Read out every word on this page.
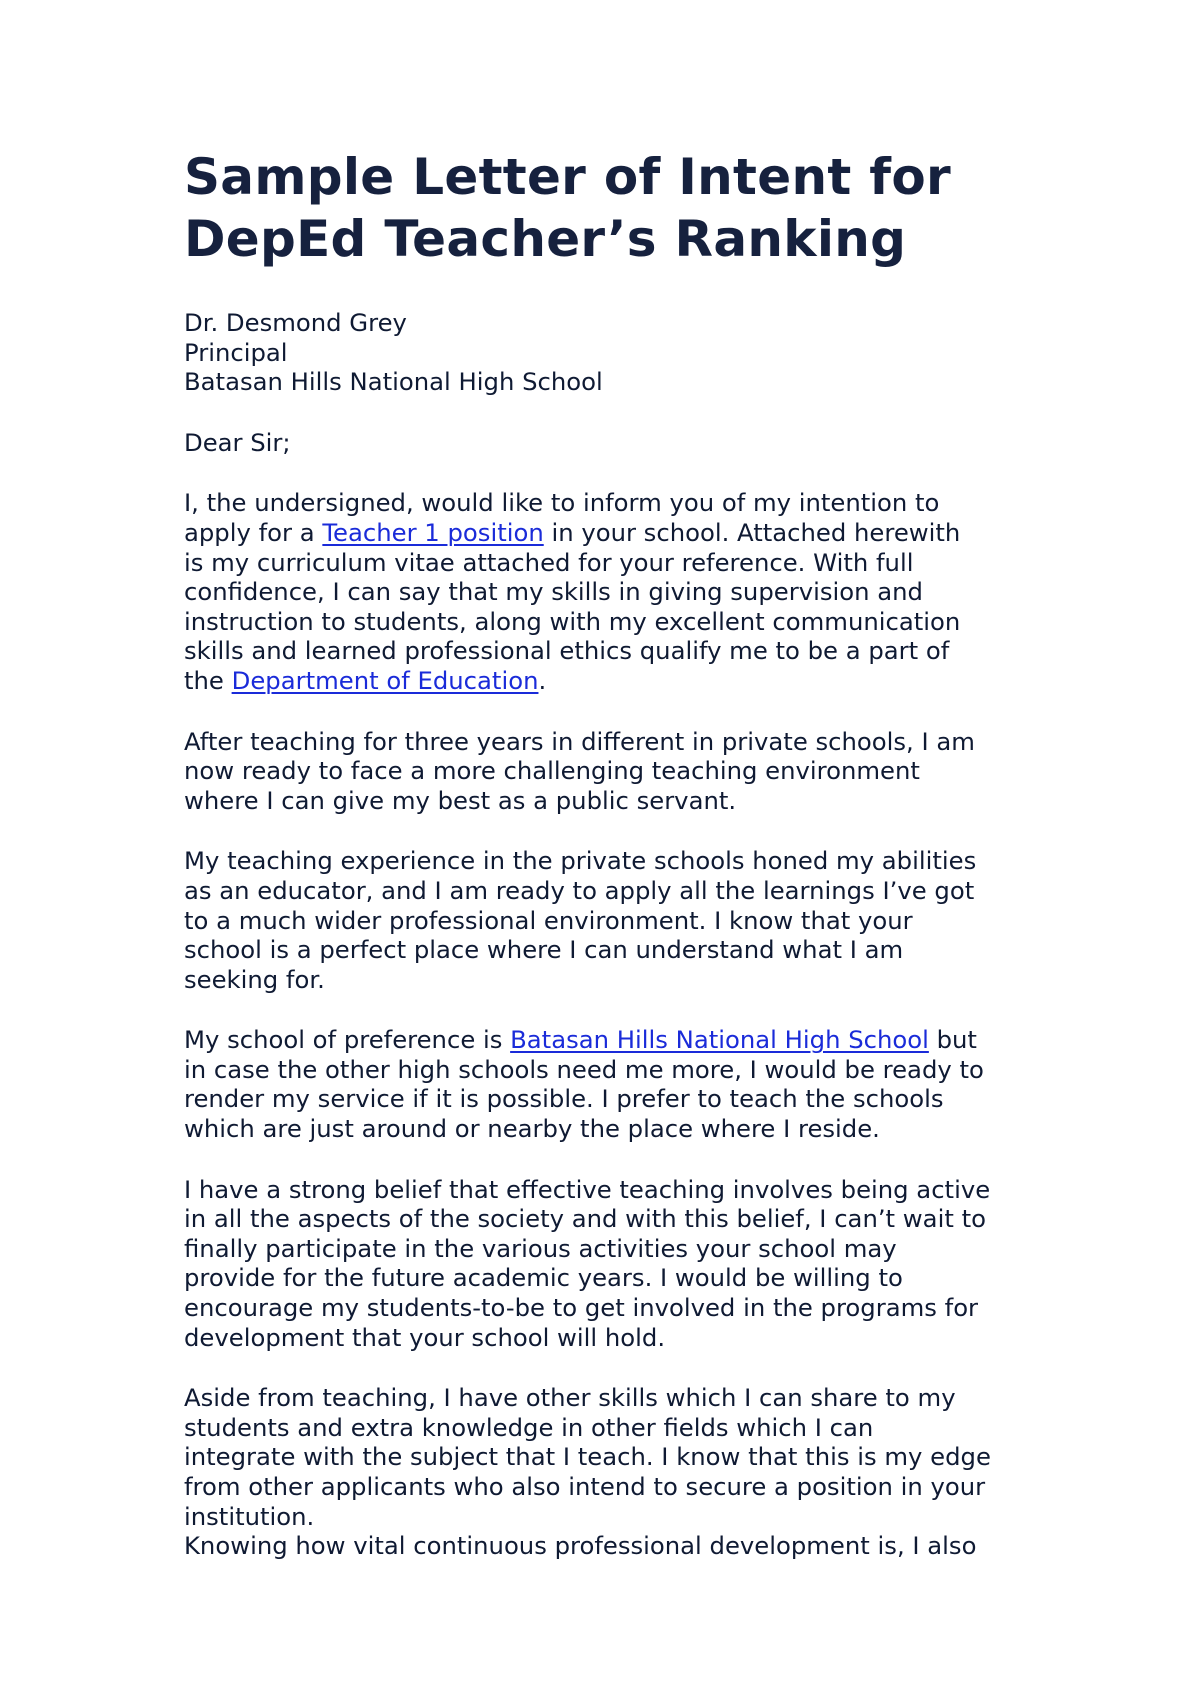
Sample Letter of Intent for
DepEd Teacher’s Ranking
Dr. Desmond Grey
Principal
Batasan Hills National High School
Dear Sir;
I, the undersigned, would like to inform you of my intention to
apply for a Teacher 1 position in your school. Attached herewith
is my curriculum vitae attached for your reference. With full
confidence, I can say that my skills in giving supervision and
instruction to students, along with my excellent communication
skills and learned professional ethics qualify me to be a part of
the Department of Education.
After teaching for three years in different in private schools, I am
now ready to face a more challenging teaching environment
where I can give my best as a public servant.
My teaching experience in the private schools honed my abilities
as an educator, and I am ready to apply all the learnings I’ve got
to a much wider professional environment. I know that your
school is a perfect place where I can understand what I am
seeking for.
My school of preference is Batasan Hills National High School but
in case the other high schools need me more, I would be ready to
render my service if it is possible. I prefer to teach the schools
which are just around or nearby the place where I reside.
I have a strong belief that effective teaching involves being active
in all the aspects of the society and with this belief, I can’t wait to
finally participate in the various activities your school may
provide for the future academic years. I would be willing to
encourage my students-to-be to get involved in the programs for
development that your school will hold.
Aside from teaching, I have other skills which I can share to my
students and extra knowledge in other fields which I can
integrate with the subject that I teach. I know that this is my edge
from other applicants who also intend to secure a position in your
institution.
Knowing how vital continuous professional development is, I also
